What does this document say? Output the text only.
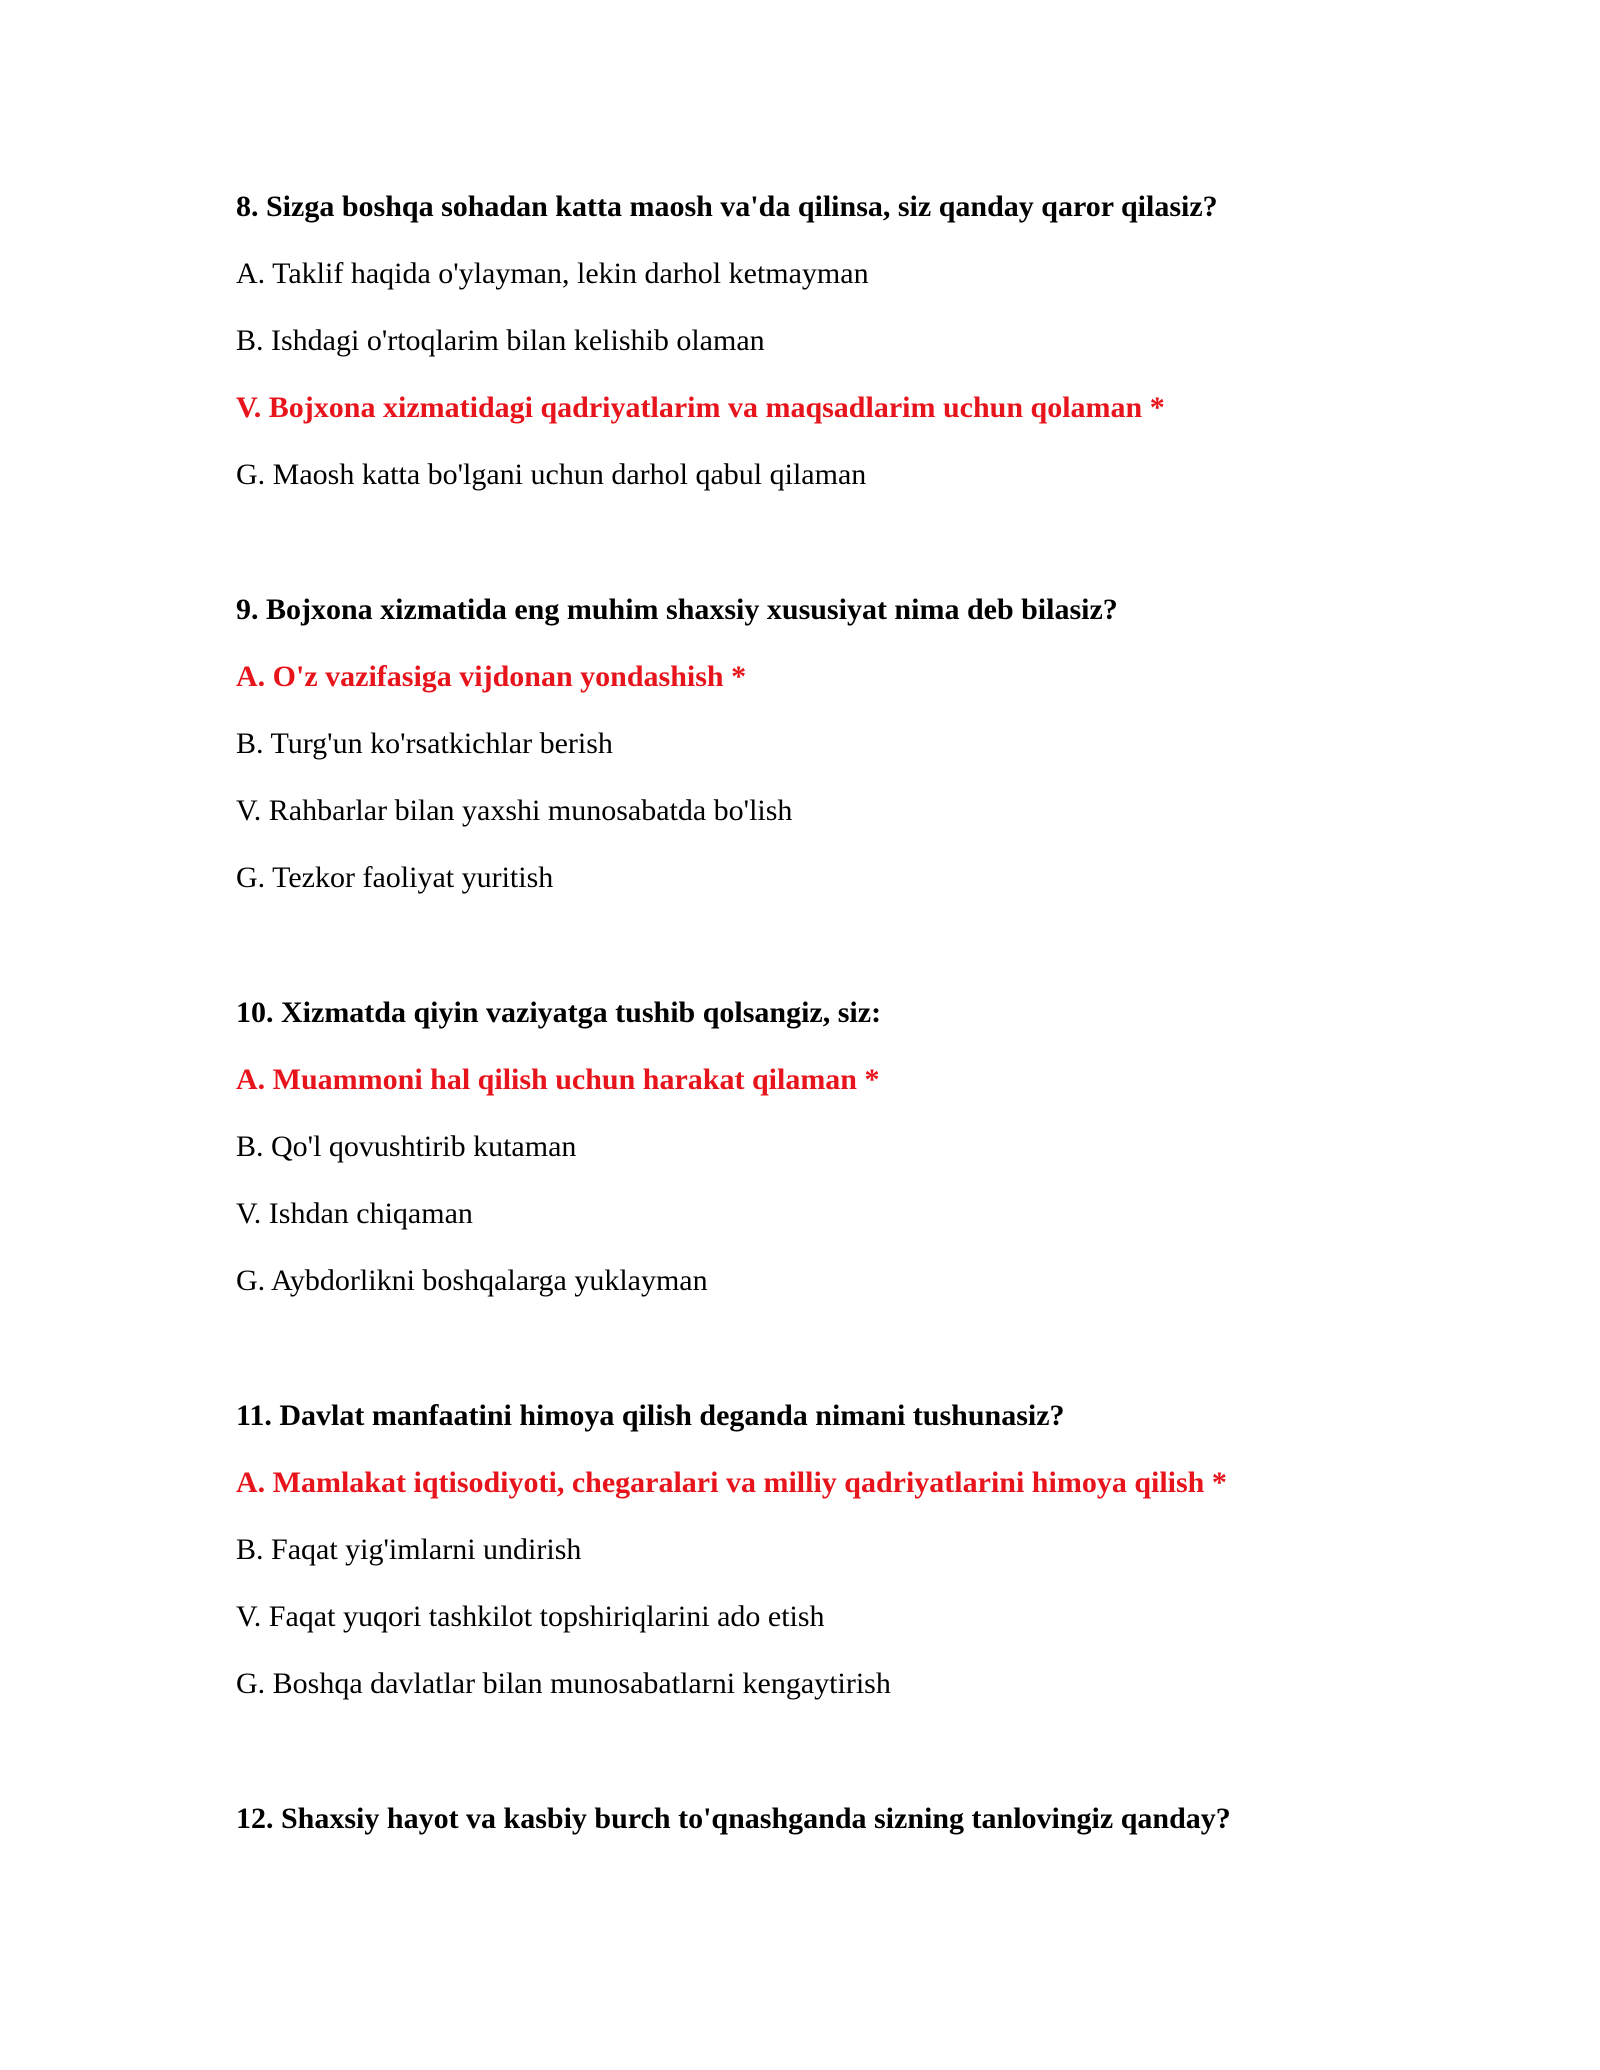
8. Sizga boshqa sohadan katta maosh va'da qilinsa, siz qanday qaror qilasiz?
A. Taklif haqida o'ylayman, lekin darhol ketmayman
B. Ishdagi o'rtoqlarim bilan kelishib olaman
V. Bojxona xizmatidagi qadriyatlarim va maqsadlarim uchun qolaman *
G. Maosh katta bo'lgani uchun darhol qabul qilaman
9. Bojxona xizmatida eng muhim shaxsiy xususiyat nima deb bilasiz?
A. O'z vazifasiga vijdonan yondashish *
B. Turg'un ko'rsatkichlar berish
V. Rahbarlar bilan yaxshi munosabatda bo'lish
G. Tezkor faoliyat yuritish
10. Xizmatda qiyin vaziyatga tushib qolsangiz, siz:
A. Muammoni hal qilish uchun harakat qilaman *
B. Qo'l qovushtirib kutaman
V. Ishdan chiqaman
G. Aybdorlikni boshqalarga yuklayman
11. Davlat manfaatini himoya qilish deganda nimani tushunasiz?
A. Mamlakat iqtisodiyoti, chegaralari va milliy qadriyatlarini himoya qilish *
B. Faqat yig'imlarni undirish
V. Faqat yuqori tashkilot topshiriqlarini ado etish
G. Boshqa davlatlar bilan munosabatlarni kengaytirish
12. Shaxsiy hayot va kasbiy burch to'qnashganda sizning tanlovingiz qanday?
